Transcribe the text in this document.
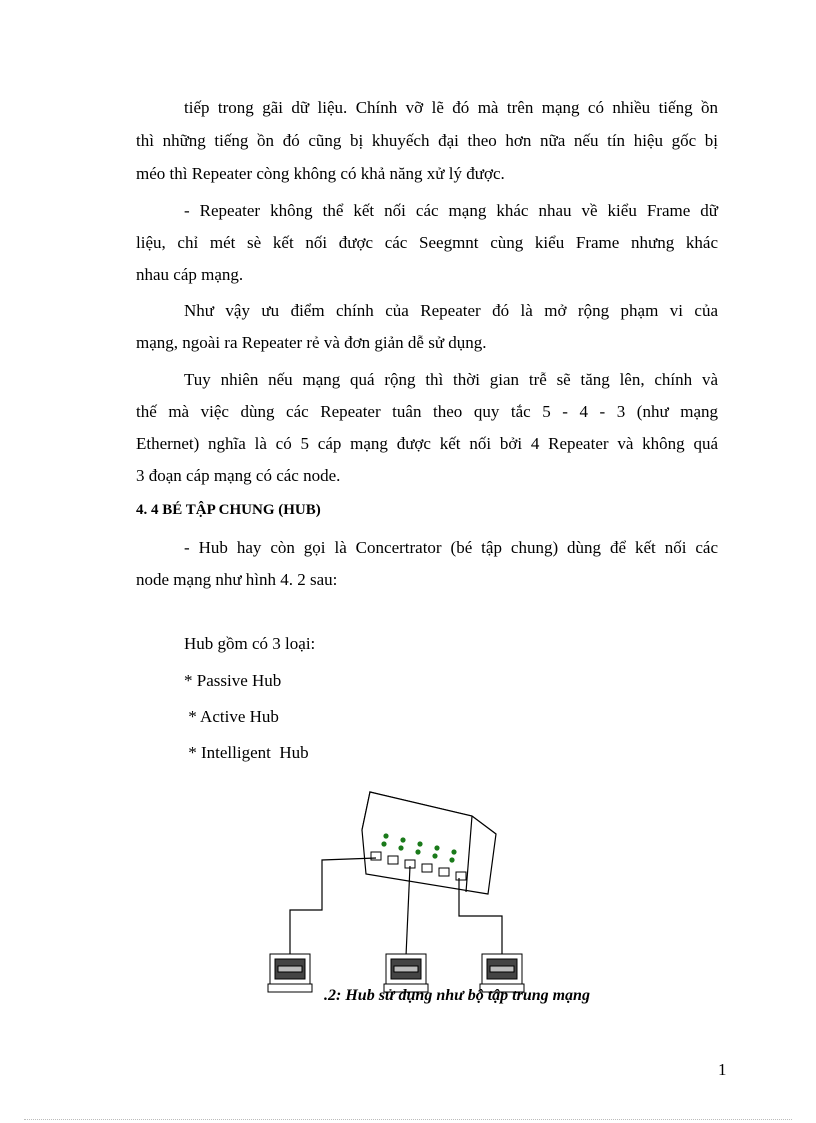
tiếp trong gãi dữ liệu. Chính vỡ lẽ đó mà trên mạng có nhiều tiếng ồn
thì những tiếng ồn đó cũng bị khuyếch đại theo hơn nữa nếu tín hiệu gốc bị
méo thì Repeater còng không có khả năng xử lý được.
- Repeater không thể kết nối các mạng khác nhau về kiểu Frame dữ
liệu, chỉ mét sè kết nối được các Seegmnt cùng kiểu Frame nhưng khác
nhau cáp mạng.
Như vậy ưu điểm chính của Repeater đó là mở rộng phạm vi của
mạng, ngoài ra Repeater rẻ và đơn giản dễ sử dụng.
Tuy nhiên nếu mạng quá rộng thì thời gian trễ sẽ tăng lên, chính và
thế mà việc dùng các Repeater tuân theo quy tắc 5 - 4 - 3 (như mạng
Ethernet) nghĩa là có 5 cáp mạng được kết nối bởi 4 Repeater và không quá
3 đoạn cáp mạng có các node.
4. 4 BÉ TẬP CHUNG (HUB)
- Hub hay còn gọi là Concertrator (bé tập chung) dùng để kết nối các
node mạng như hình 4. 2 sau:
Hub gồm có 3 loại:
* Passive Hub
* Active Hub
* Intelligent  Hub
.2: Hub sử dụng như bộ tập trung mạng
1
